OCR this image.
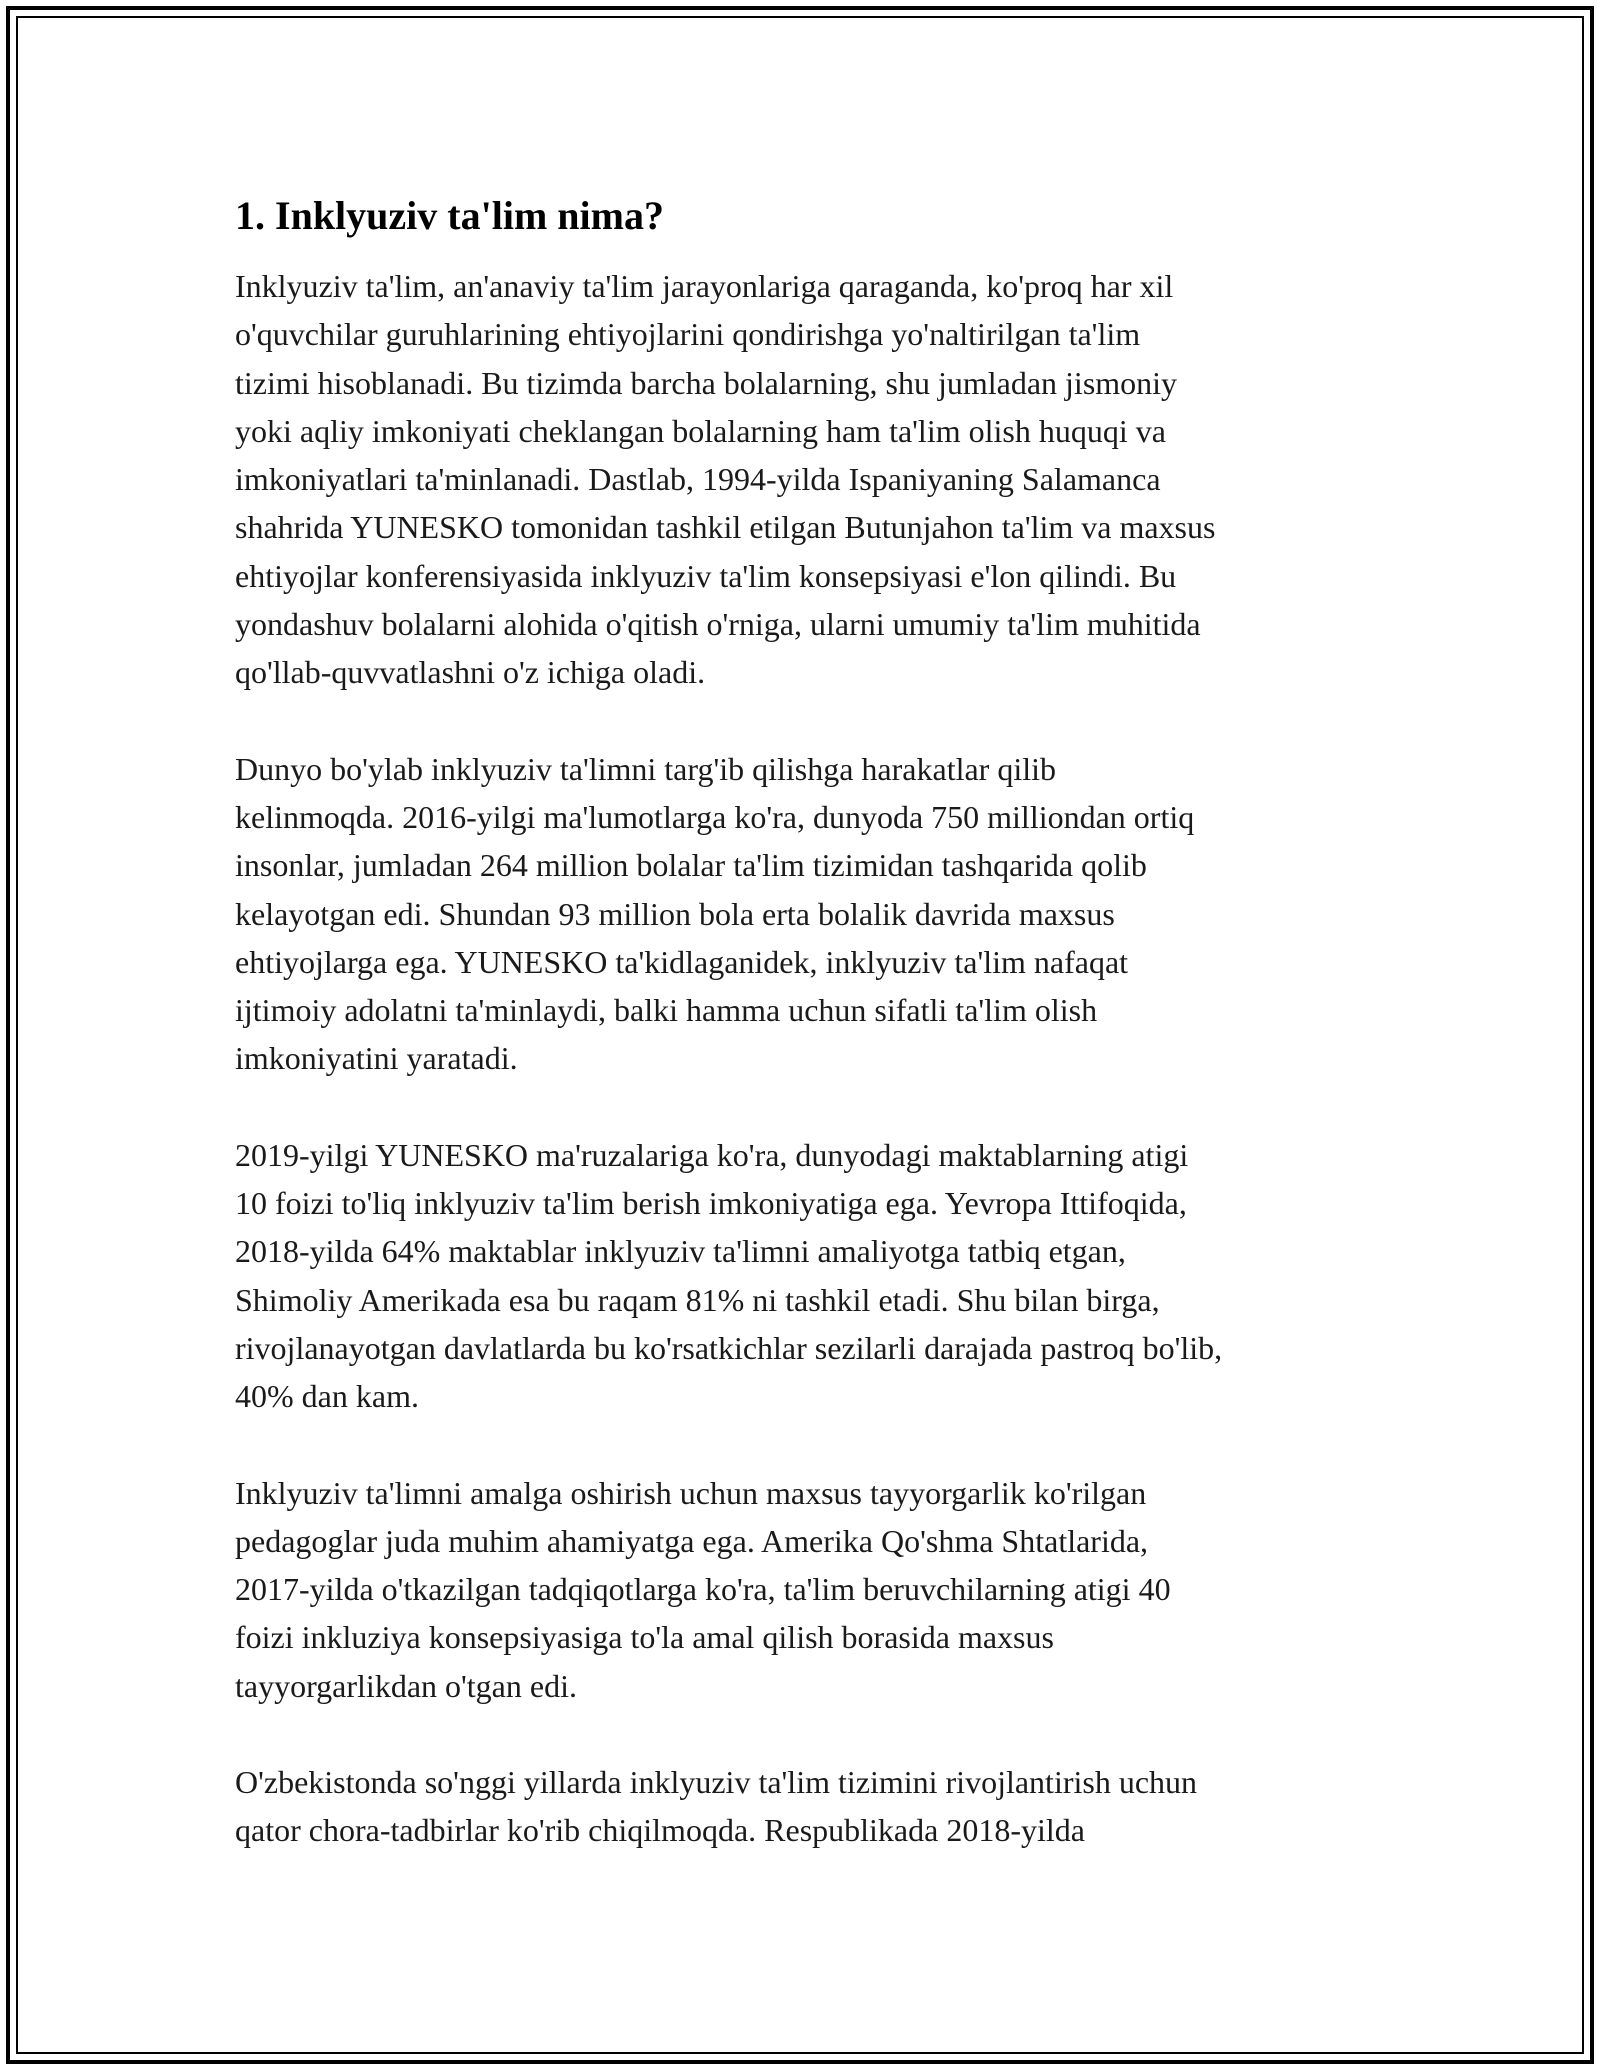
1. Inklyuziv ta'lim nima?

Inklyuziv ta'lim, an'anaviy ta'lim jarayonlariga qaraganda, ko'proq har xil
o'quvchilar guruhlarining ehtiyojlarini qondirishga yo'naltirilgan ta'lim
tizimi hisoblanadi. Bu tizimda barcha bolalarning, shu jumladan jismoniy
yoki aqliy imkoniyati cheklangan bolalarning ham ta'lim olish huquqi va
imkoniyatlari ta'minlanadi. Dastlab, 1994-yilda Ispaniyaning Salamanca
shahrida YUNESKO tomonidan tashkil etilgan Butunjahon ta'lim va maxsus
ehtiyojlar konferensiyasida inklyuziv ta'lim konsepsiyasi e'lon qilindi. Bu
yondashuv bolalarni alohida o'qitish o'rniga, ularni umumiy ta'lim muhitida
qo'llab-quvvatlashni o'z ichiga oladi.

Dunyo bo'ylab inklyuziv ta'limni targ'ib qilishga harakatlar qilib
kelinmoqda. 2016-yilgi ma'lumotlarga ko'ra, dunyoda 750 milliondan ortiq
insonlar, jumladan 264 million bolalar ta'lim tizimidan tashqarida qolib
kelayotgan edi. Shundan 93 million bola erta bolalik davrida maxsus
ehtiyojlarga ega. YUNESKO ta'kidlaganidek, inklyuziv ta'lim nafaqat
ijtimoiy adolatni ta'minlaydi, balki hamma uchun sifatli ta'lim olish
imkoniyatini yaratadi.

2019-yilgi YUNESKO ma'ruzalariga ko'ra, dunyodagi maktablarning atigi
10 foizi to'liq inklyuziv ta'lim berish imkoniyatiga ega. Yevropa Ittifoqida,
2018-yilda 64% maktablar inklyuziv ta'limni amaliyotga tatbiq etgan,
Shimoliy Amerikada esa bu raqam 81% ni tashkil etadi. Shu bilan birga,
rivojlanayotgan davlatlarda bu ko'rsatkichlar sezilarli darajada pastroq bo'lib,
40% dan kam.

Inklyuziv ta'limni amalga oshirish uchun maxsus tayyorgarlik ko'rilgan
pedagoglar juda muhim ahamiyatga ega. Amerika Qo'shma Shtatlarida,
2017-yilda o'tkazilgan tadqiqotlarga ko'ra, ta'lim beruvchilarning atigi 40
foizi inkluziya konsepsiyasiga to'la amal qilish borasida maxsus
tayyorgarlikdan o'tgan edi.

O'zbekistonda so'nggi yillarda inklyuziv ta'lim tizimini rivojlantirish uchun
qator chora-tadbirlar ko'rib chiqilmoqda. Respublikada 2018-yilda
